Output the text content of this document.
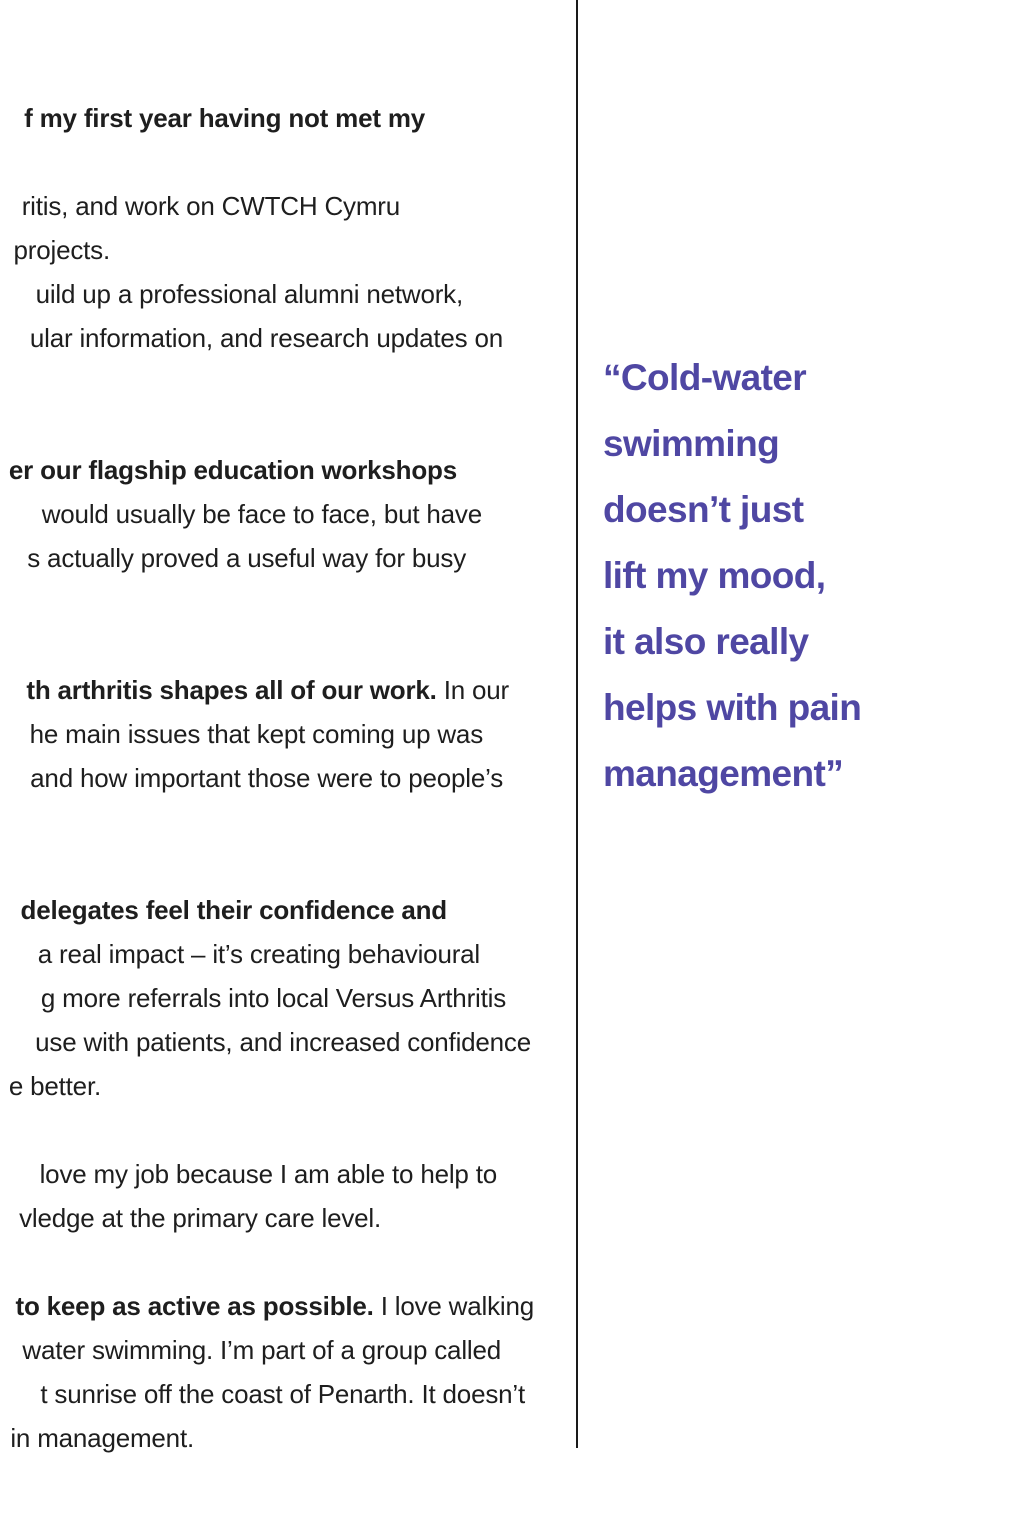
f my first year having not met my
ritis, and work on CWTCH Cymru
projects.
uild up a professional alumni network,
ular information, and research updates on
er our flagship education workshops
would usually be face to face, but have
s actually proved a useful way for busy
th arthritis shapes all of our work. In our
he main issues that kept coming up was
and how important those were to people’s
delegates feel their confidence and
a real impact – it’s creating behavioural
g more referrals into local Versus Arthritis
use with patients, and increased confidence
e better.
love my job because I am able to help to
vledge at the primary care level.
to keep as active as possible. I love walking
water swimming. I’m part of a group called
t sunrise off the coast of Penarth. It doesn’t
in management.
“Cold-water
swimming
doesn’t just
lift my mood,
it also really
helps with pain
management”
